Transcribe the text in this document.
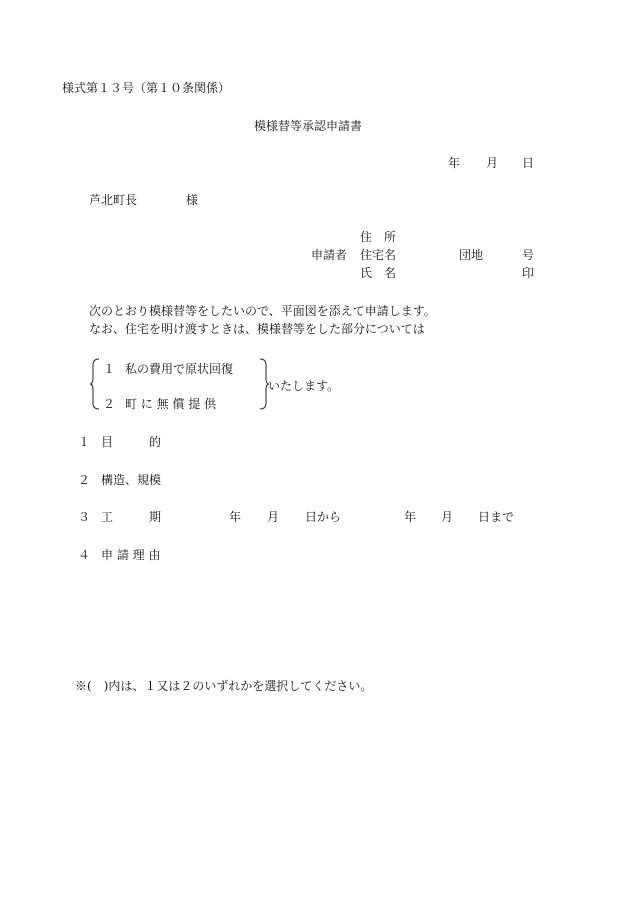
様式第１３号（第１０条関係）
模様替等承認申請書
年 月 日
芦北町長	様
住　所
申請者 住宅名	団地	号
氏　名	印
次のとおり模様替等をしたいので、平面図を添えて申請します。
なお、住宅を明け渡すときは、模様替等をした部分については
１ 私の費用で原状回復
２ 町 に 無 償 提 供
いたします。
１ 目　　　的
２ 構造、規模
３ 工　　　期	年 月 日から	年 月 日まで
４ 申 請 理 由
※(　)内は、１又は２のいずれかを選択してください。
